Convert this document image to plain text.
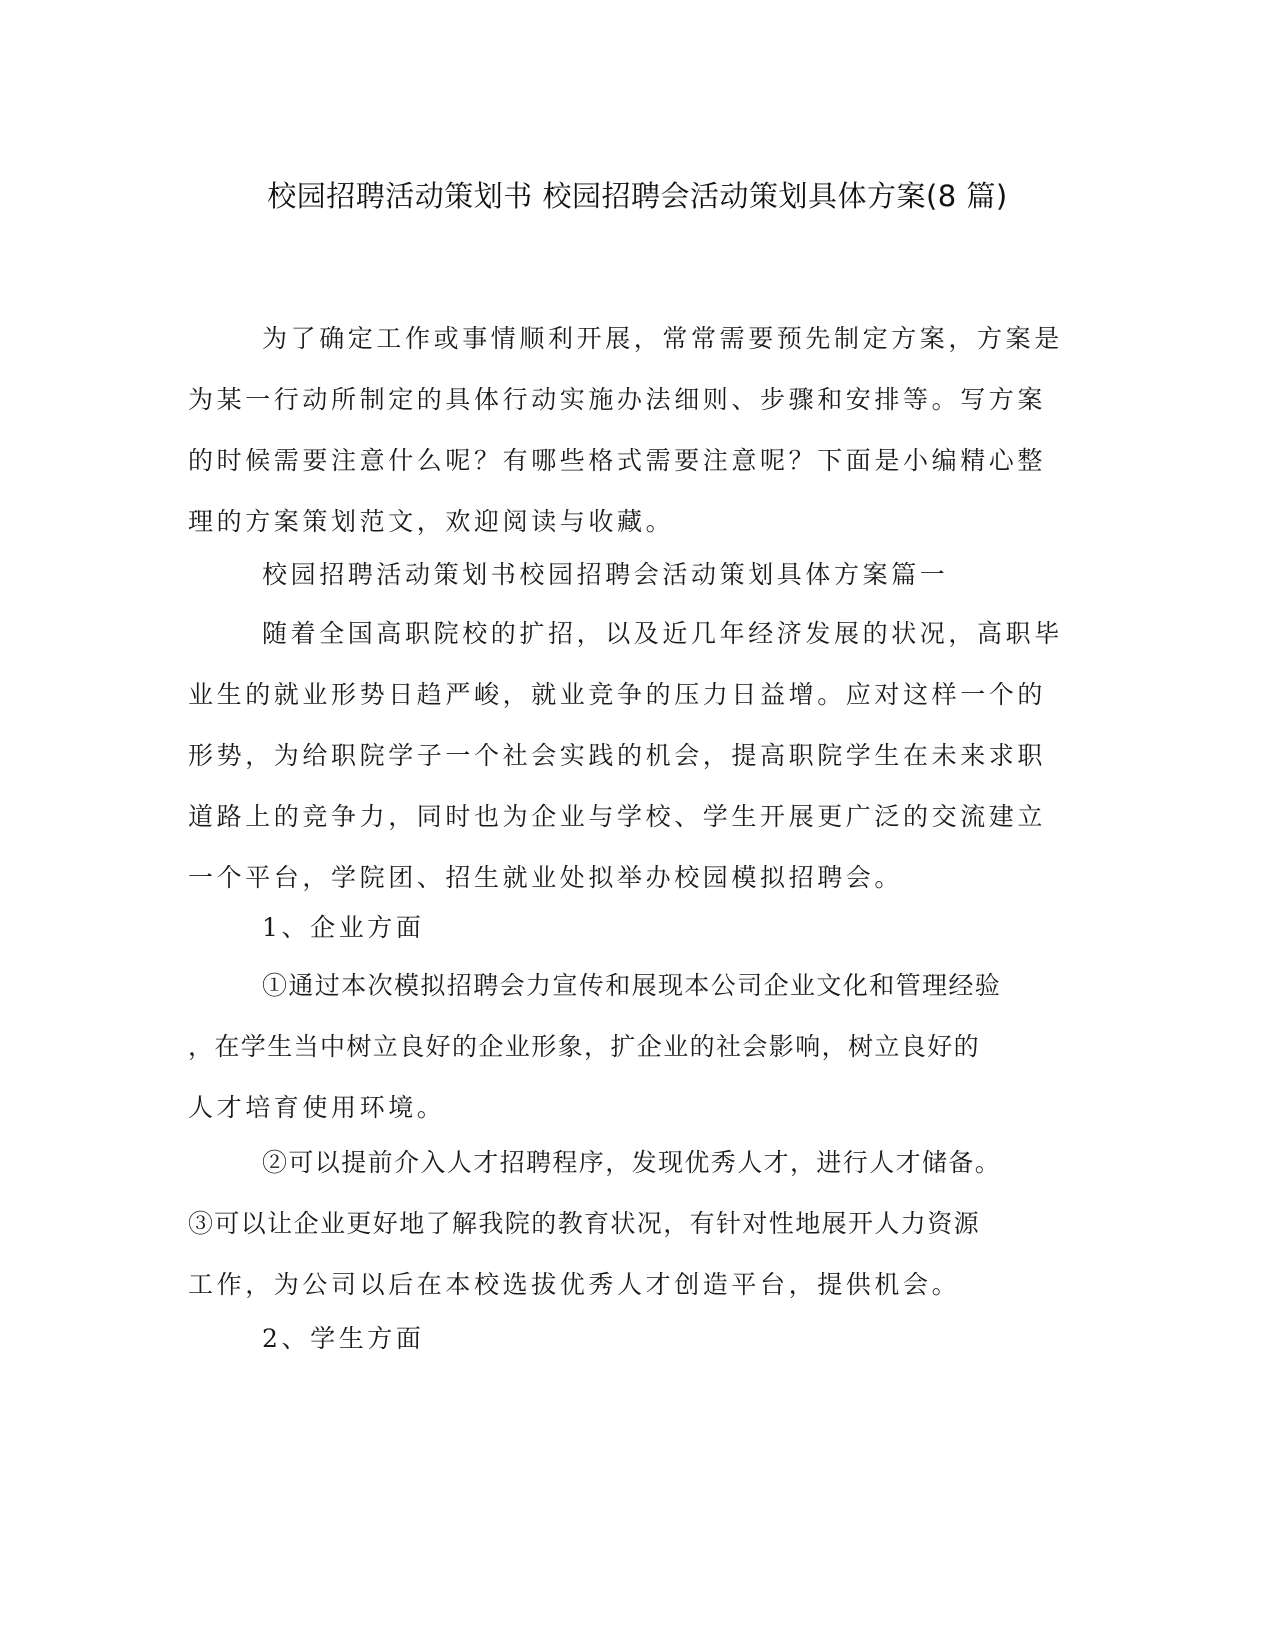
校园招聘活动策划书 校园招聘会活动策划具体方案(8 篇)
为了确定工作或事情顺利开展，常常需要预先制定方案，方案是
为某一行动所制定的具体行动实施办法细则、步骤和安排等。写方案
的时候需要注意什么呢？有哪些格式需要注意呢？下面是小编精心整
理的方案策划范文，欢迎阅读与收藏。
校园招聘活动策划书校园招聘会活动策划具体方案篇一
随着全国高职院校的扩招，以及近几年经济发展的状况，高职毕
业生的就业形势日趋严峻，就业竞争的压力日益增。应对这样一个的
形势，为给职院学子一个社会实践的机会，提高职院学生在未来求职
道路上的竞争力，同时也为企业与学校、学生开展更广泛的交流建立
一个平台，学院团、招生就业处拟举办校园模拟招聘会。
1、企业方面
①通过本次模拟招聘会力宣传和展现本公司企业文化和管理经验
，在学生当中树立良好的企业形象，扩企业的社会影响，树立良好的
人才培育使用环境。
②可以提前介入人才招聘程序，发现优秀人才，进行人才储备。
③可以让企业更好地了解我院的教育状况，有针对性地展开人力资源
工作，为公司以后在本校选拔优秀人才创造平台，提供机会。
2、学生方面
